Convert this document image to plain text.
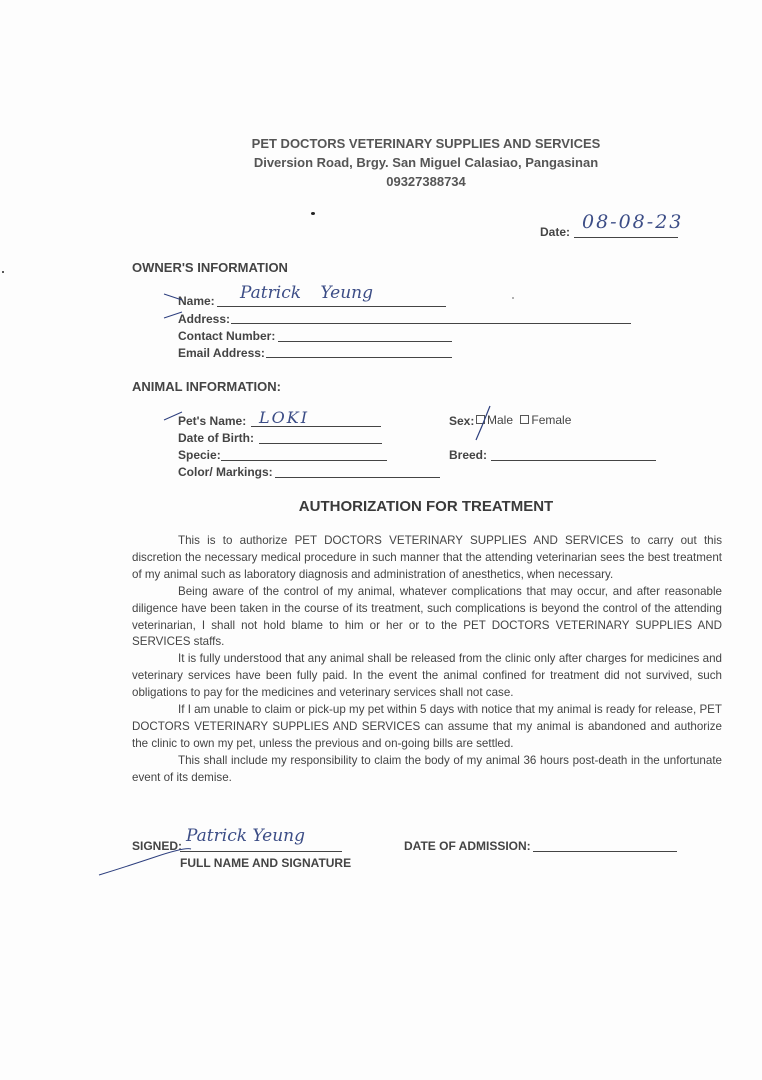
PET DOCTORS VETERINARY SUPPLIES AND SERVICES
Diversion Road, Brgy. San Miguel Calasiao, Pangasinan
09327388734
Date: 08-08-23
OWNER'S INFORMATION
Name: Patrick Yeung
Address:
Contact Number:
Email Address:
ANIMAL INFORMATION:
Pet's Name: LOKI
Date of Birth:
Specie:
Color/ Markings:
Sex:	Male Female
Breed:
AUTHORIZATION FOR TREATMENT

This is to authorize PET DOCTORS VETERINARY SUPPLIES AND SERVICES to carry out this discretion the necessary medical procedure in such manner that the attending veterinarian sees the best treatment of my animal such as laboratory diagnosis and administration of anesthetics, when necessary.

Being aware of the control of my animal, whatever complications that may occur, and after reasonable diligence have been taken in the course of its treatment, such complications is beyond the control of the attending veterinarian, I shall not hold blame to him or her or to the PET DOCTORS VETERINARY SUPPLIES AND SERVICES staffs.

It is fully understood that any animal shall be released from the clinic only after charges for medicines and veterinary services have been fully paid. In the event the animal confined for treatment did not survived, such obligations to pay for the medicines and veterinary services shall not case.

If I am unable to claim or pick-up my pet within 5 days with notice that my animal is ready for release, PET DOCTORS VETERINARY SUPPLIES AND SERVICES can assume that my animal is abandoned and authorize the clinic to own my pet, unless the previous and on-going bills are settled.

This shall include my responsibility to claim the body of my animal 36 hours post-death in the unfortunate event of its demise.

SIGNED: Patrick Yeung
FULL NAME AND SIGNATURE
DATE OF ADMISSION:
